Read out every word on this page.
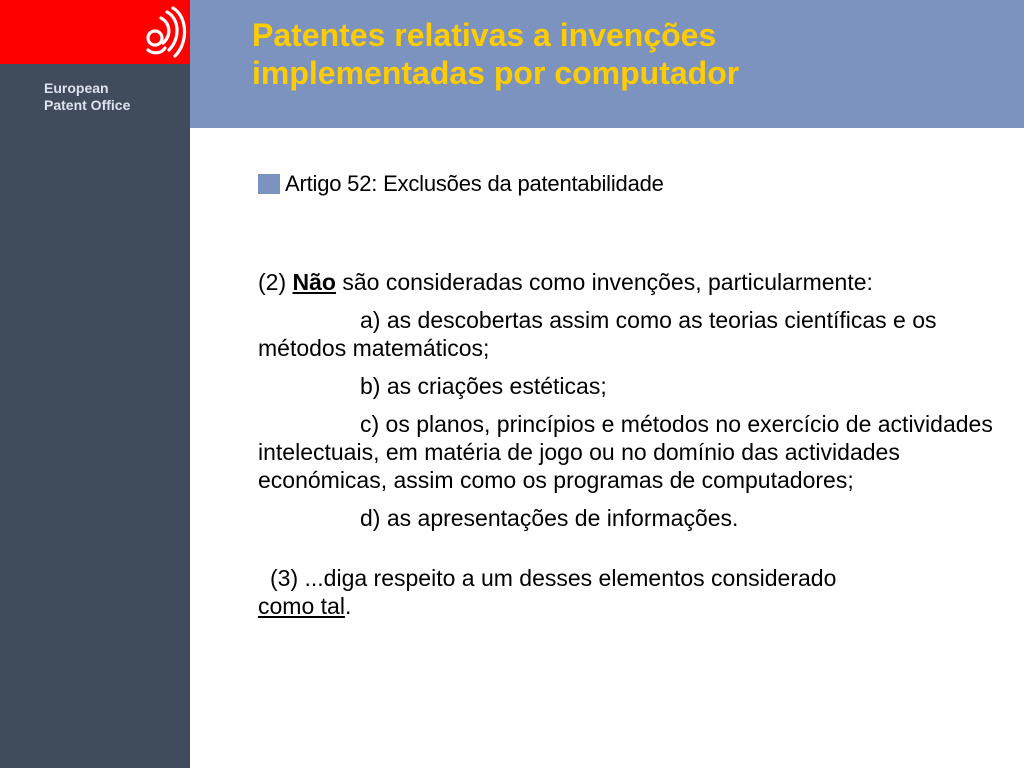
European
Patent Office
Patentes relativas a invenções
implementadas por computador
Artigo 52: Exclusões da patentabilidade

(2) Não são consideradas como invenções, particularmente:

a) as descobertas assim como as teorias científicas e os métodos matemáticos;

b) as criações estéticas;

c) os planos, princípios e métodos no exercício de actividades intelectuais, em matéria de jogo ou no domínio das actividades económicas, assim como os programas de computadores;

d) as apresentações de informações.

(3) ...diga respeito a um desses elementos considerado
como tal.
